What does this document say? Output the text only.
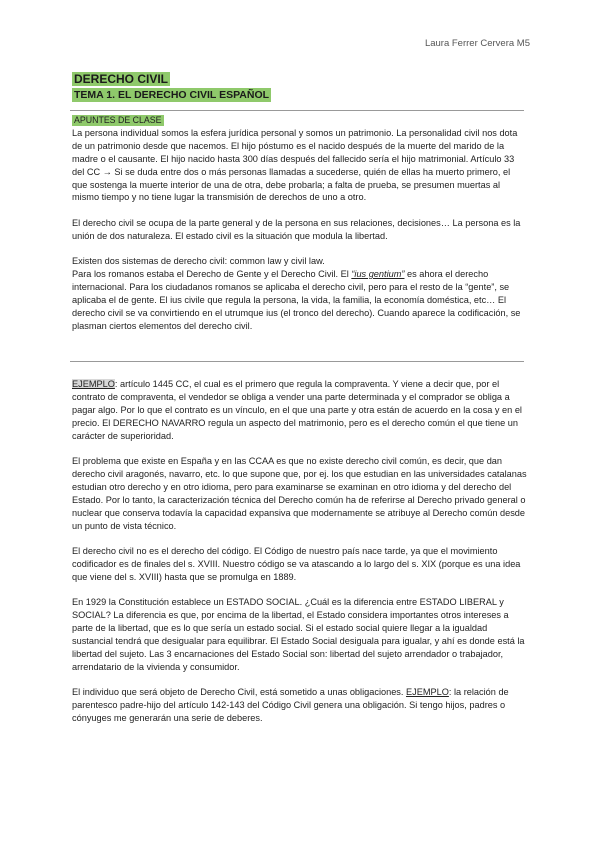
Laura Ferrer Cervera M5
DERECHO CIVIL
TEMA 1. EL DERECHO CIVIL ESPAÑOL
APUNTES DE CLASE

La persona individual somos la esfera jurídica personal y somos un patrimonio. La personalidad civil nos dota de un patrimonio desde que nacemos. El hijo póstumo es el nacido después de la muerte del marido de la madre o el causante. El hijo nacido hasta 300 días después del fallecido sería el hijo matrimonial. Artículo 33 del CC → Si se duda entre dos o más personas llamadas a sucederse, quién de ellas ha muerto primero, el que sostenga la muerte interior de una de otra, debe probarla; a falta de prueba, se presumen muertas al mismo tiempo y no tiene lugar la transmisión de derechos de uno a otro.

El derecho civil se ocupa de la parte general y de la persona en sus relaciones, decisiones… La persona es la unión de dos naturaleza. El estado civil es la situación que modula la libertad.

Existen dos sistemas de derecho civil: common law y civil law.
Para los romanos estaba el Derecho de Gente y el Derecho Civil. El “ius gentium” es ahora el derecho internacional. Para los ciudadanos romanos se aplicaba el derecho civil, pero para el resto de la “gente”, se aplicaba el de gente. El ius civile que regula la persona, la vida, la familia, la economía doméstica, etc… El derecho civil se va convirtiendo en el utrumque ius (el tronco del derecho). Cuando aparece la codificación, se plasman ciertos elementos del derecho civil.

EJEMPLO: artículo 1445 CC, el cual es el primero que regula la compraventa. Y viene a decir que, por el contrato de compraventa, el vendedor se obliga a vender una parte determinada y el comprador se obliga a pagar algo. Por lo que el contrato es un vínculo, en el que una parte y otra están de acuerdo en la cosa y en el precio. El DERECHO NAVARRO regula un aspecto del matrimonio, pero es el derecho común el que tiene un carácter de superioridad.

El problema que existe en España y en las CCAA es que no existe derecho civil común, es decir, que dan derecho civil aragonés, navarro, etc. lo que supone que, por ej. los que estudian en las universidades catalanas estudian otro derecho y en otro idioma, pero para examinarse se examinan en otro idioma y del derecho del Estado. Por lo tanto, la caracterización técnica del Derecho común ha de referirse al Derecho privado general o nuclear que conserva todavía la capacidad expansiva que modernamente se atribuye al Derecho común desde un punto de vista técnico.

El derecho civil no es el derecho del código. El Código de nuestro país nace tarde, ya que el movimiento codificador es de finales del s. XVIII. Nuestro código se va atascando a lo largo del s. XIX (porque es una idea que viene del s. XVIII) hasta que se promulga en 1889.

En 1929 la Constitución establece un ESTADO SOCIAL. ¿Cuál es la diferencia entre ESTADO LIBERAL y SOCIAL? La diferencia es que, por encima de la libertad, el Estado considera importantes otros intereses a parte de la libertad, que es lo que sería un estado social. Si el estado social quiere llegar a la igualdad sustancial tendrá que desigualar para equilibrar. El Estado Social desiguala para igualar, y ahí es donde está la libertad del sujeto. Las 3 encarnaciones del Estado Social son: libertad del sujeto arrendador o trabajador, arrendatario de la vivienda y consumidor.

El individuo que será objeto de Derecho Civil, está sometido a unas obligaciones. EJEMPLO: la relación de parentesco padre-hijo del artículo 142-143 del Código Civil genera una obligación. Si tengo hijos, padres o cónyuges me generarán una serie de deberes.
